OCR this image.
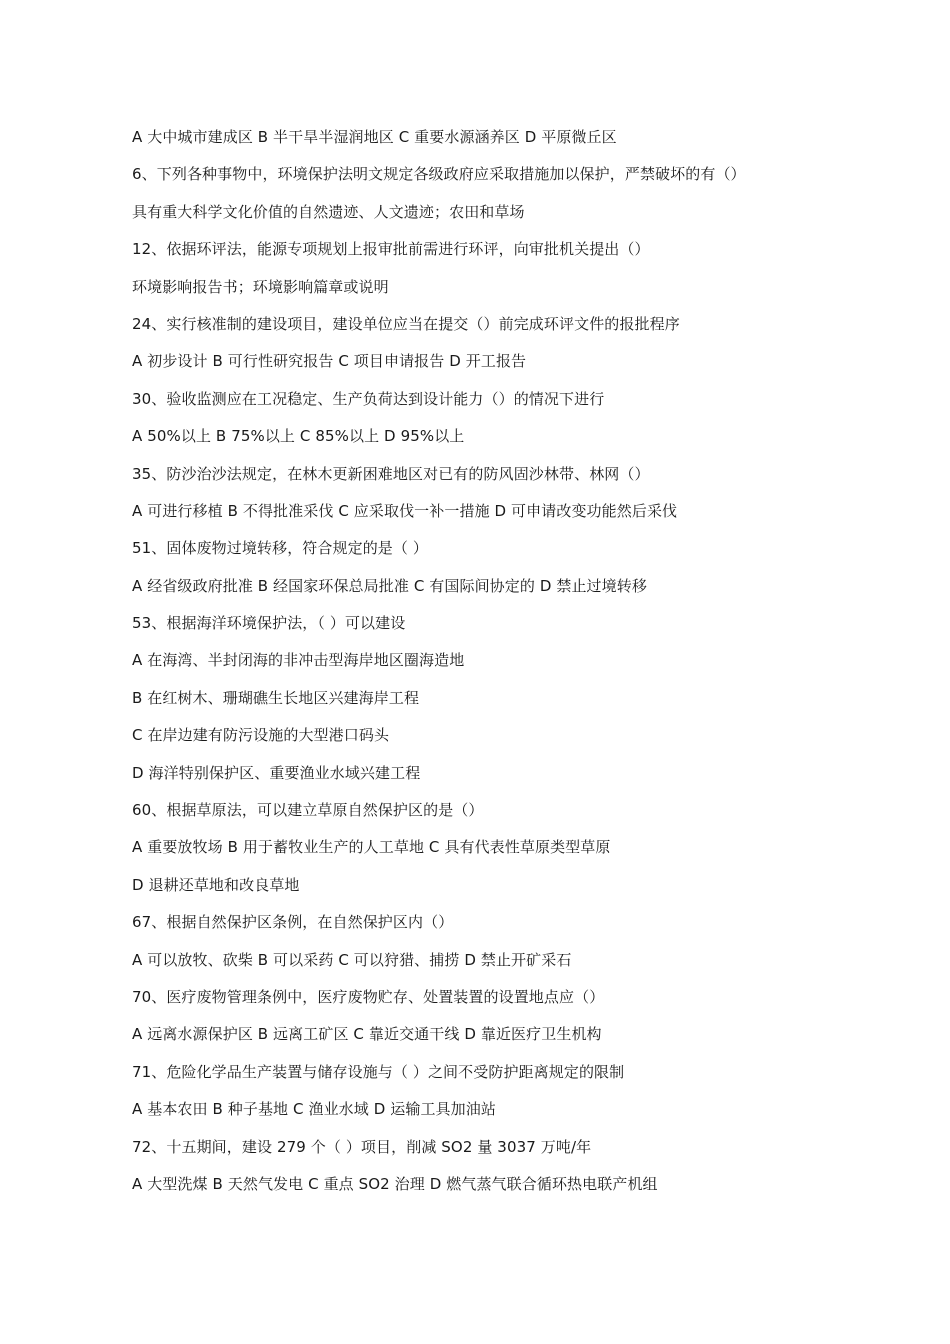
A 大中城市建成区 B 半干旱半湿润地区 C 重要水源涵养区 D 平原微丘区
6、下列各种事物中，环境保护法明文规定各级政府应采取措施加以保护，严禁破坏的有（）
具有重大科学文化价值的自然遗迹、人文遗迹；农田和草场
12、依据环评法，能源专项规划上报审批前需进行环评，向审批机关提出（）
环境影响报告书；环境影响篇章或说明
24、实行核准制的建设项目，建设单位应当在提交（）前完成环评文件的报批程序
A 初步设计 B 可行性研究报告 C 项目申请报告 D 开工报告
30、验收监测应在工况稳定、生产负荷达到设计能力（）的情况下进行
A 50%以上 B 75%以上 C 85%以上 D 95%以上
35、防沙治沙法规定，在林木更新困难地区对已有的防风固沙林带、林网（）
A 可进行移植 B 不得批准采伐 C 应采取伐一补一措施 D 可申请改变功能然后采伐
51、固体废物过境转移，符合规定的是（ ）
A 经省级政府批准 B 经国家环保总局批准 C 有国际间协定的 D 禁止过境转移
53、根据海洋环境保护法，（ ）可以建设
A 在海湾、半封闭海的非冲击型海岸地区圈海造地
B 在红树木、珊瑚礁生长地区兴建海岸工程
C 在岸边建有防污设施的大型港口码头
D 海洋特别保护区、重要渔业水域兴建工程
60、根据草原法，可以建立草原自然保护区的是（）
A 重要放牧场 B 用于蓄牧业生产的人工草地 C 具有代表性草原类型草原
D 退耕还草地和改良草地
67、根据自然保护区条例，在自然保护区内（）
A 可以放牧、砍柴 B 可以采药 C 可以狩猎、捕捞 D 禁止开矿采石
70、医疗废物管理条例中，医疗废物贮存、处置装置的设置地点应（）
A 远离水源保护区 B 远离工矿区 C 靠近交通干线 D 靠近医疗卫生机构
71、危险化学品生产装置与储存设施与（ ）之间不受防护距离规定的限制
A 基本农田 B 种子基地 C 渔业水域 D 运输工具加油站
72、十五期间，建设 279 个（ ）项目，削减 SO2 量 3037 万吨/年
A 大型洗煤 B 天然气发电 C 重点 SO2 治理 D 燃气蒸气联合循环热电联产机组
